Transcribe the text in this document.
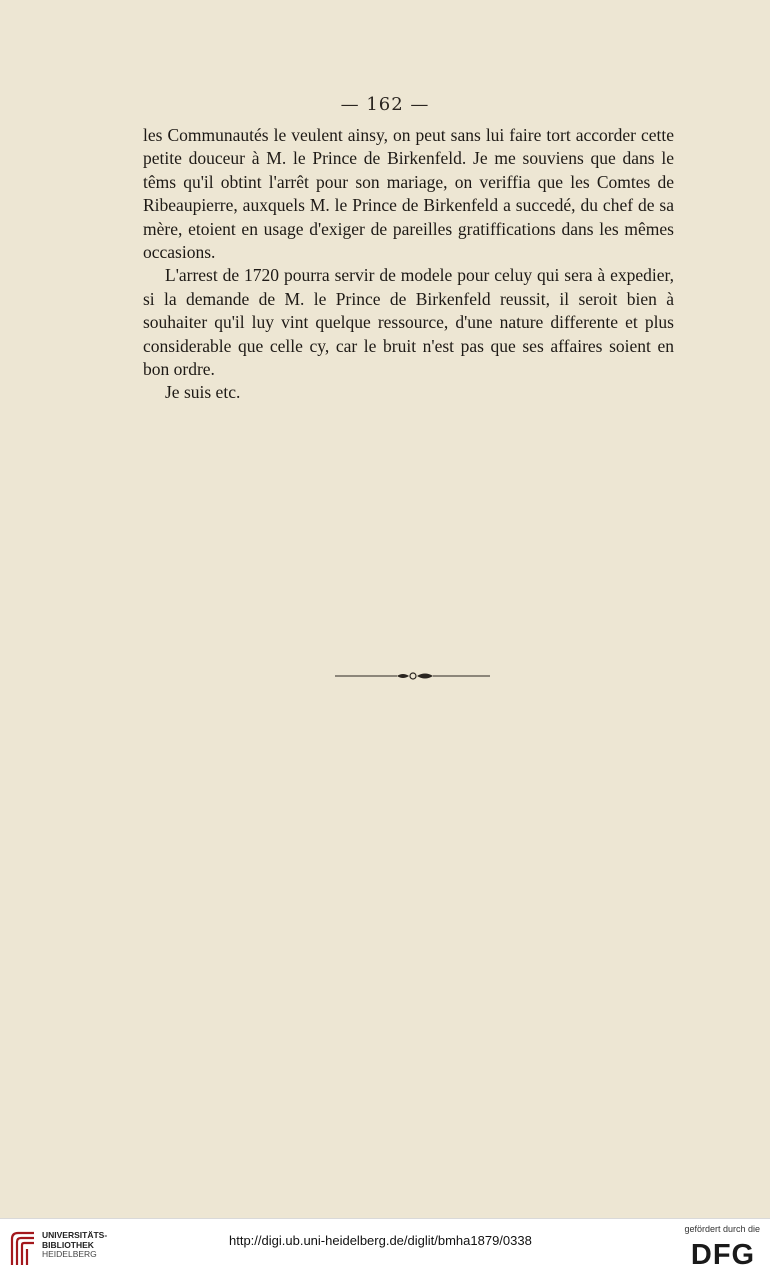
— 162 —

les Communautés le veulent ainsy, on peut sans lui faire tort accorder cette petite douceur à M. le Prince de Birkenfeld. Je me souviens que dans le têms qu'il obtint l'arrêt pour son mariage, on veriffia que les Comtes de Ribeaupierre, auxquels M. le Prince de Birkenfeld a succedé, du chef de sa mère, etoient en usage d'exiger de pareilles gratiffications dans les mêmes occasions.

L'arrest de 1720 pourra servir de modele pour celuy qui sera à expedier, si la demande de M. le Prince de Birkenfeld reussit, il seroit bien à souhaiter qu'il luy vint quelque ressource, d'une nature differente et plus considerable que celle cy, car le bruit n'est pas que ses affaires soient en bon ordre.

Je suis etc.

UNIVERSITÄTS-
BIBLIOTHEK
HEIDELBERG
http://digi.ub.uni-heidelberg.de/diglit/bmha1879/0338
gefördert durch die
DFG
